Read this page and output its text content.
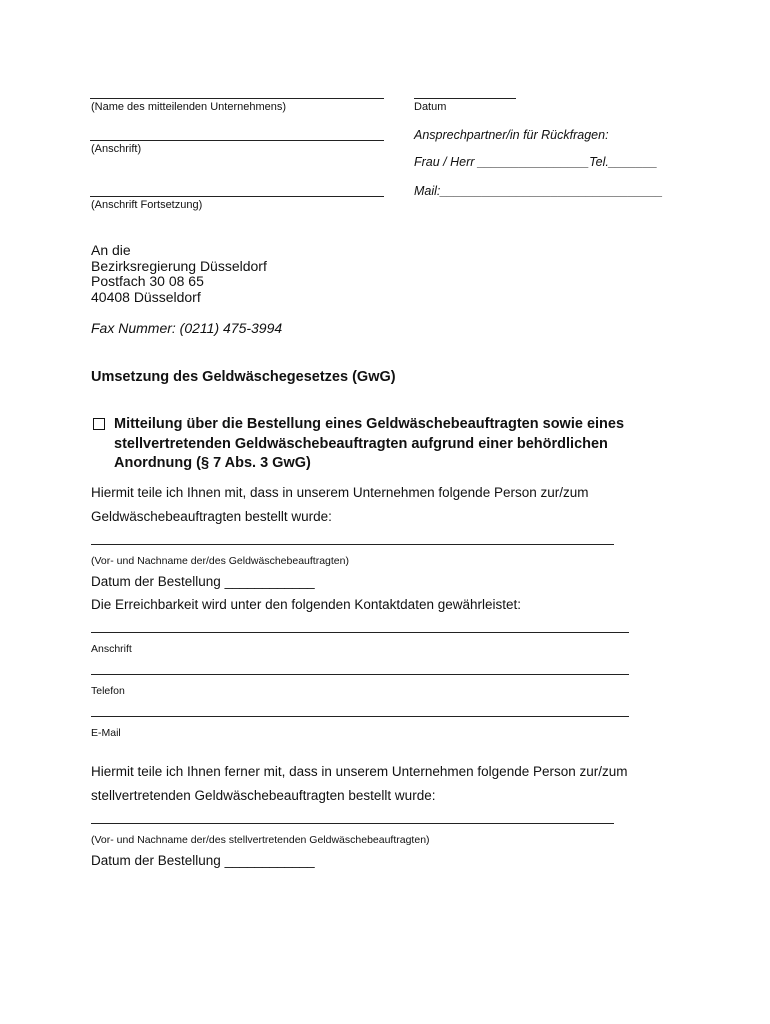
(Name des mitteilenden Unternehmens)
(Anschrift)
(Anschrift Fortsetzung)
Datum
Ansprechpartner/in für Rückfragen:
Frau / Herr ________________Tel._______
Mail:________________________________
An die
Bezirksregierung Düsseldorf
Postfach 30 08 65
40408 Düsseldorf
Fax Nummer: (0211) 475-3994
Umsetzung des Geldwäschegesetzes (GwG)
Mitteilung über die Bestellung eines Geldwäschebeauftragten sowie eines
stellvertretenden Geldwäschebeauftragten aufgrund einer behördlichen
Anordnung (§ 7 Abs. 3 GwG)
Hiermit teile ich Ihnen mit, dass in unserem Unternehmen folgende Person zur/zum
Geldwäschebeauftragten bestellt wurde:
(Vor- und Nachname der/des Geldwäschebeauftragten)
Datum der Bestellung ____________
Die Erreichbarkeit wird unter den folgenden Kontaktdaten gewährleistet:
Anschrift
Telefon
E-Mail
Hiermit teile ich Ihnen ferner mit, dass in unserem Unternehmen folgende Person zur/zum
stellvertretenden Geldwäschebeauftragten bestellt wurde:
(Vor- und Nachname der/des stellvertretenden Geldwäschebeauftragten)
Datum der Bestellung ____________
